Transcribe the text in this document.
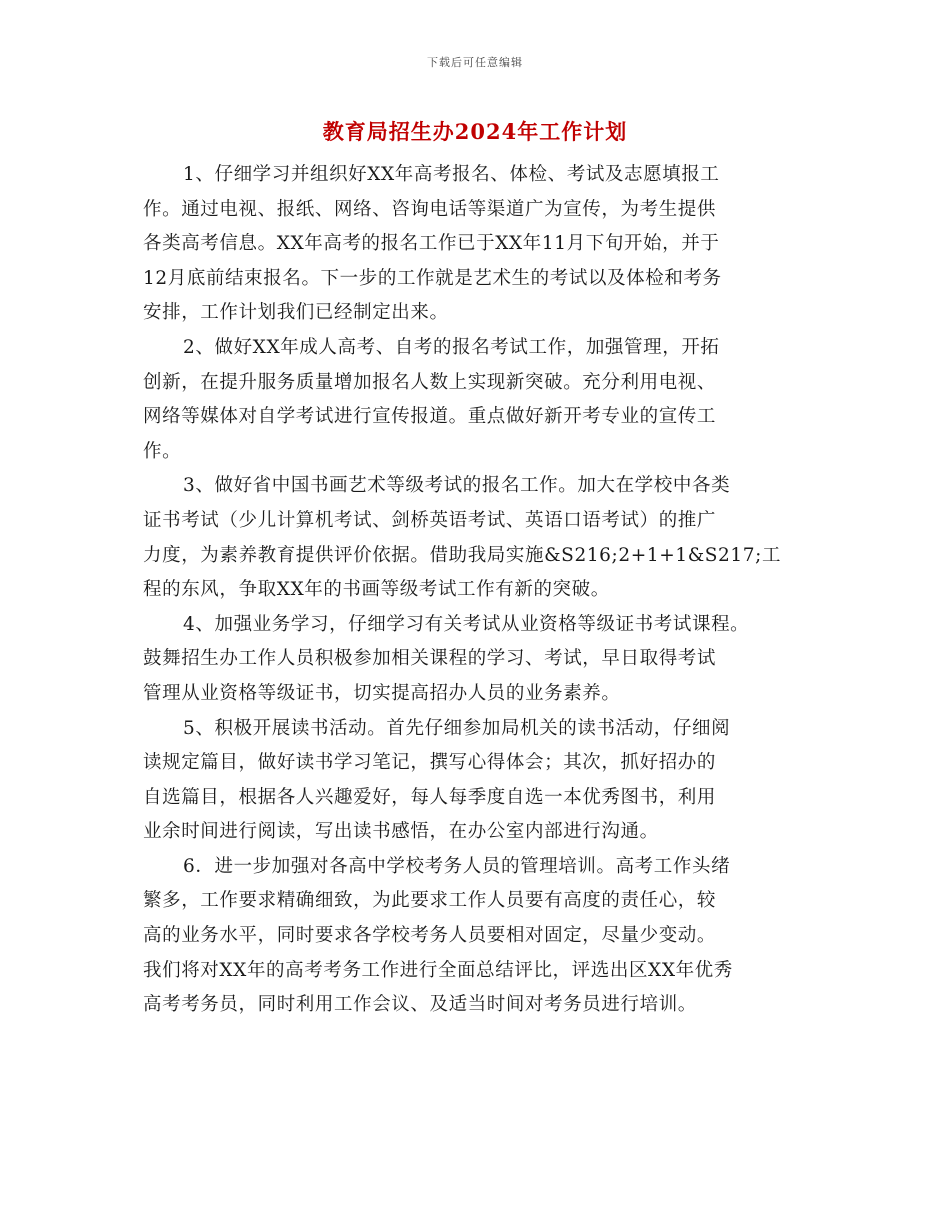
下载后可任意编辑
教育局招生办2024年工作计划

1、仔细学习并组织好XX年高考报名、体检、考试及志愿填报工
作。通过电视、报纸、网络、咨询电话等渠道广为宣传，为考生提供
各类高考信息。XX年高考的报名工作已于XX年11月下旬开始，并于
12月底前结束报名。下一步的工作就是艺术生的考试以及体检和考务
安排，工作计划我们已经制定出来。

2、做好XX年成人高考、自考的报名考试工作，加强管理，开拓
创新，在提升服务质量增加报名人数上实现新突破。充分利用电视、
网络等媒体对自学考试进行宣传报道。重点做好新开考专业的宣传工
作。

3、做好省中国书画艺术等级考试的报名工作。加大在学校中各类
证书考试（少儿计算机考试、剑桥英语考试、英语口语考试）的推广
力度，为素养教育提供评价依据。借助我局实施&S216;2+1+1&S217;工
程的东风，争取XX年的书画等级考试工作有新的突破。

4、加强业务学习，仔细学习有关考试从业资格等级证书考试课程。
鼓舞招生办工作人员积极参加相关课程的学习、考试，早日取得考试
管理从业资格等级证书，切实提高招办人员的业务素养。

5、积极开展读书活动。首先仔细参加局机关的读书活动，仔细阅
读规定篇目，做好读书学习笔记，撰写心得体会；其次，抓好招办的
自选篇目，根据各人兴趣爱好，每人每季度自选一本优秀图书，利用
业余时间进行阅读，写出读书感悟，在办公室内部进行沟通。

6．进一步加强对各高中学校考务人员的管理培训。高考工作头绪
繁多，工作要求精确细致，为此要求工作人员要有高度的责任心，较
高的业务水平，同时要求各学校考务人员要相对固定，尽量少变动。
我们将对XX年的高考考务工作进行全面总结评比，评选出区XX年优秀
高考考务员，同时利用工作会议、及适当时间对考务员进行培训。
